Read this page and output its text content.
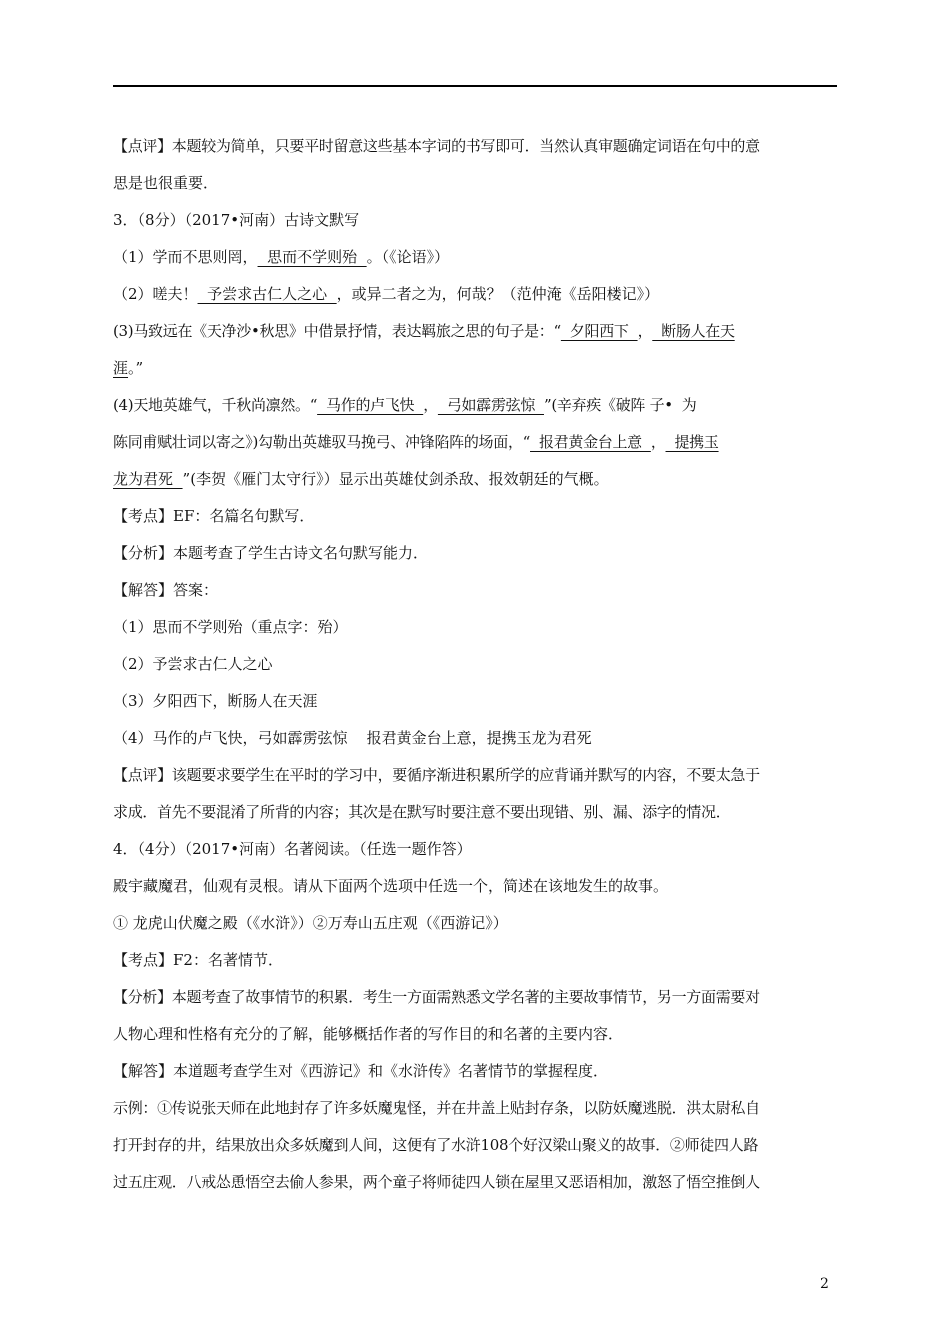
【点评】本题较为简单，只要平时留意这些基本字词的书写即可．当然认真审题确定词语在句中的意
思是也很重要．
3．（8分）（2017•河南）古诗文默写
（1）学而不思则罔，  思而不学则殆  。（《论语》）
（2）嗟夫！  予尝求古仁人之心  ，或异二者之为，何哉？（范仲淹《岳阳楼记》）
(3)马致远在《天净沙•秋思》中借景抒情，表达羁旅之思的句子是：“  夕阳西下  ，  断肠人在天
涯。”
(4)天地英雄气，千秋尚凛然。“  马作的卢飞快  ，  弓如霹雳弦惊  ”(辛弃疾《破阵 子•  为
陈同甫赋壮词以寄之》)勾勒出英雄驭马挽弓、冲锋陷阵的场面，“  报君黄金台上意  ，  提携玉
龙为君死  ”(李贺《雁门太守行》）显示出英雄仗剑杀敌、报效朝廷的气概。
【考点】EF：名篇名句默写．
【分析】本题考查了学生古诗文名句默写能力．
【解答】答案：
（1）思而不学则殆（重点字：殆）
（2）予尝求古仁人之心
（3）夕阳西下，断肠人在天涯
（4）马作的卢飞快，弓如霹雳弦惊    报君黄金台上意，提携玉龙为君死
【点评】该题要求要学生在平时的学习中，要循序渐进积累所学的应背诵并默写的内容，不要太急于
求成．首先不要混淆了所背的内容；其次是在默写时要注意不要出现错、别、漏、添字的情况．
4．（4分）（2017•河南）名著阅读。（任选一题作答）
殿宇藏魔君，仙观有灵根。请从下面两个选项中任选一个，简述在该地发生的故事。
① 龙虎山伏魔之殿（《水浒》）②万寿山五庄观（《西游记》）
【考点】F2：名著情节．
【分析】本题考查了故事情节的积累．考生一方面需熟悉文学名著的主要故事情节，另一方面需要对
人物心理和性格有充分的了解，能够概括作者的写作目的和名著的主要内容．
【解答】本道题考查学生对《西游记》和《水浒传》名著情节的掌握程度．
示例：①传说张天师在此地封存了许多妖魔鬼怪，并在井盖上贴封存条，以防妖魔逃脱．洪太尉私自
打开封存的井，结果放出众多妖魔到人间，这便有了水浒108个好汉梁山聚义的故事．②师徒四人路
过五庄观．八戒怂恿悟空去偷人参果，两个童子将师徒四人锁在屋里又恶语相加，激怒了悟空推倒人
2
